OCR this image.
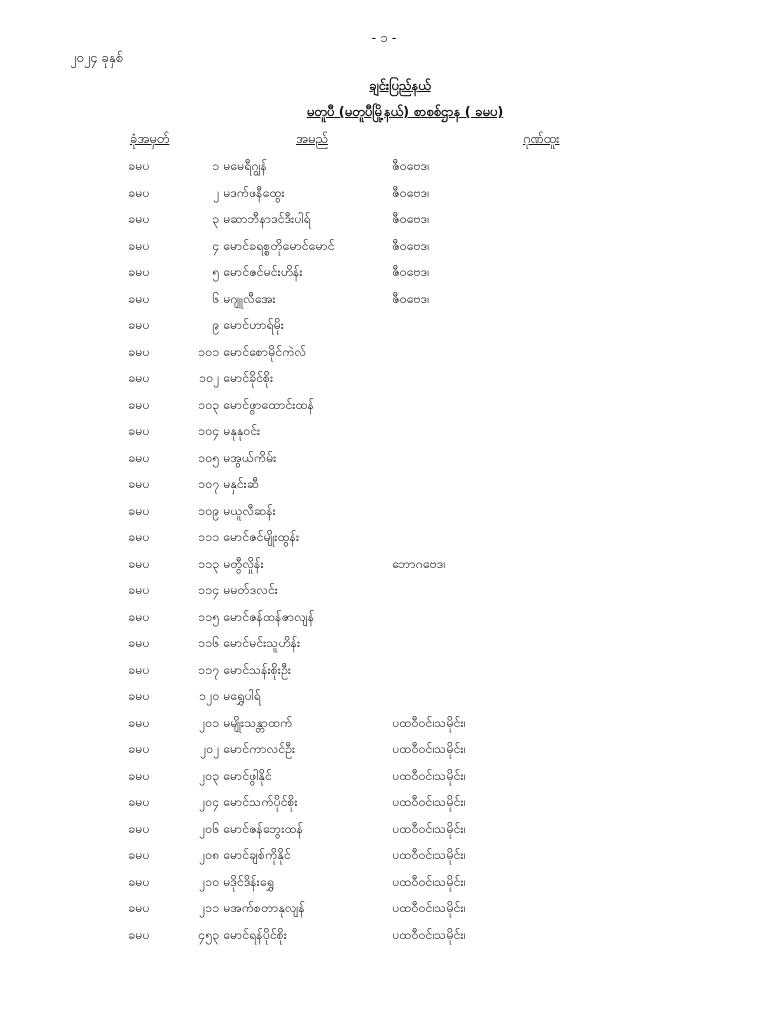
- ၁ -
၂၀၂၄ ခုနှစ်
ချင်းပြည်နယ်
မတူပီ (မတူပီမြို့နယ်) စာစစ်ဌာန ( ခမပ)
ခုံအမှတ်	အမည်	ဂုဏ်ထူး
ခမပ	၁ မမေရီဂျွန်	ဇီ၀ဗေဒ၊
ခမပ	၂ မဒက်ဖနီထွေး	ဇီ၀ဗေဒ၊
ခမပ	၃ မဆာဘီနာဒင်ဒီးပါရ်	ဇီ၀ဗေဒ၊
ခမပ	၄ မောင်ခရစ္စတိုမောင်မောင်	ဇီ၀ဗေဒ၊
ခမပ	၅ မောင်ဇင်မင်းဟိန်း	ဇီ၀ဗေဒ၊
ခမပ	၆ မဂျူလီအေး	ဇီ၀ဗေဒ၊
ခမပ	၉ မောင်ဟာရ်မိုး
ခမပ	၁၀၁ မောင်စောမိုင်ကဲလ်
ခမပ	၁၀၂ မောင်ခိုင်စိုး
ခမပ	၁၀၃ မောင်ဖွာထောင်းထန်
ခမပ	၁၀၄ မနုနုဝင်း
ခမပ	၁၀၅ မအွယ်ကိမ်း
ခမပ	၁၀၇ မနှင်းဆီ
ခမပ	၁၀၉ မယူလီဆန်း
ခမပ	၁၁၁ မောင်ဇင်မျိုးထွန်း
ခမပ	၁၁၃ မတွီလှိုန်း	ဘောဂဗေဒ၊
ခမပ	၁၁၄ မမတ်ဒလင်း
ခမပ	၁၁၅ မောင်ဇန်ထန်ဇာလျန်
ခမပ	၁၁၆ မောင်မင်းသူဟိန်း
ခမပ	၁၁၇ မောင်သန်းစိုးဦး
ခမပ	၁၂၀ မရွှေပါရ်
ခမပ	၂၀၁ မမျိုးသန္တာထက်	ပထဝီဝင်၊သမိုင်း၊
ခမပ	၂၀၂ မောင်ကာလင်ဦး	ပထဝီဝင်၊သမိုင်း၊
ခမပ	၂၀၃ မောင်ဖွါနိုင်	ပထဝီဝင်၊သမိုင်း၊
ခမပ	၂၀၄ မောင်သက်ပိုင်စိုး	ပထဝီဝင်၊သမိုင်း၊
ခမပ	၂၀၆ မောင်ဇန်ဘွေးထန်	ပထဝီဝင်၊သမိုင်း၊
ခမပ	၂၀၈ မောင်ချစ်ကိုနိုင်	ပထဝီဝင်၊သမိုင်း၊
ခမပ	၂၁၀ မဒိုင်ဒိန်းရွှေ	ပထဝီဝင်၊သမိုင်း၊
ခမပ	၂၁၁ မအက်စတာနုလျန်	ပထဝီဝင်၊သမိုင်း၊
ခမပ	၄၅၃ မောင်ရန်ပိုင်စိုး	ပထဝီဝင်၊သမိုင်း၊
